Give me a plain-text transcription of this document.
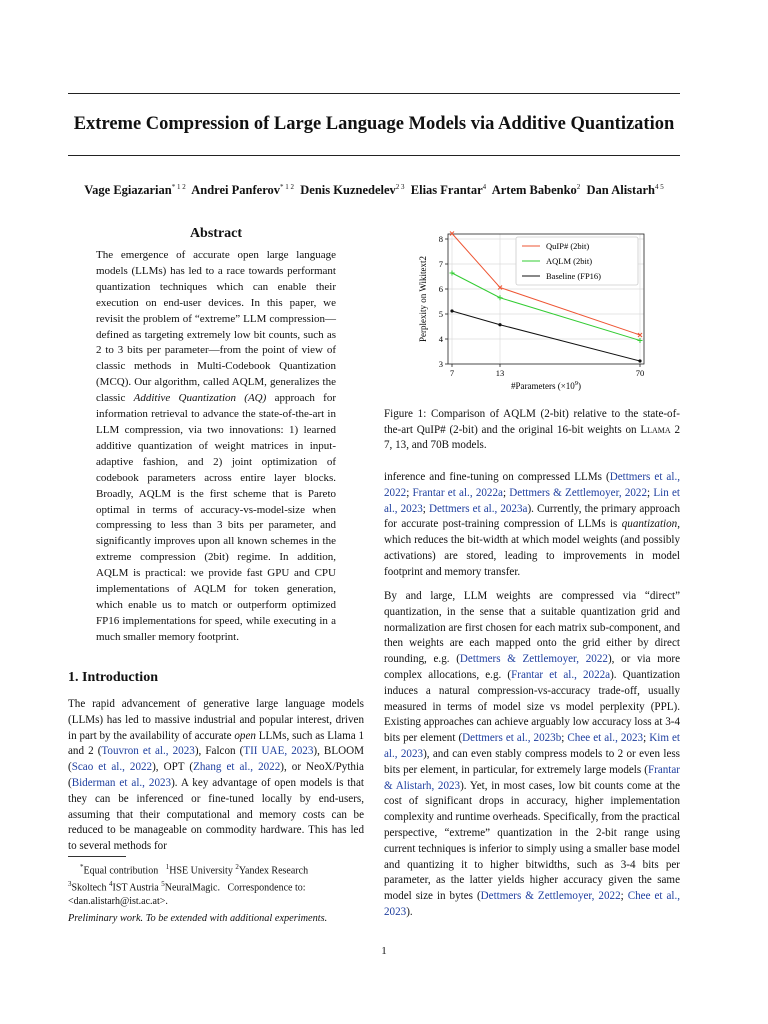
Extreme Compression of Large Language Models via Additive Quantization
Vage Egiazarian$^{* 1 2}$ Andrei Panferov$^{* 1 2}$ Denis Kuznedelev$^{2 3}$ Elias Frantar$^4$ Artem Babenko$^2$ Dan Alistarh$^{4 5}$
Abstract
The emergence of accurate open large language models (LLMs) has led to a race towards performant quantization techniques which can enable their execution on end-user devices. In this paper, we revisit the problem of “extreme” LLM compression—defined as targeting extremely low bit counts, such as 2 to 3 bits per parameter—from the point of view of classic methods in Multi-Codebook Quantization (MCQ). Our algorithm, called AQLM, generalizes the classic Additive Quantization (AQ) approach for information retrieval to advance the state-of-the-art in LLM compression, via two innovations: 1) learned additive quantization of weight matrices in input-adaptive fashion, and 2) joint optimization of codebook parameters across entire layer blocks. Broadly, AQLM is the first scheme that is Pareto optimal in terms of accuracy-vs-model-size when compressing to less than 3 bits per parameter, and significantly improves upon all known schemes in the extreme compression (2bit) regime. In addition, AQLM is practical: we provide fast GPU and CPU implementations of AQLM for token generation, which enable us to match or outperform optimized FP16 implementations for speed, while executing in a much smaller memory footprint.
1. Introduction
The rapid advancement of generative large language models (LLMs) has led to massive industrial and popular interest, driven in part by the availability of accurate open LLMs, such as Llama 1 and 2 (Touvron et al., 2023), Falcon (TII UAE, 2023), BLOOM (Scao et al., 2022), OPT (Zhang et al., 2022), or NeoX/Pythia (Biderman et al., 2023). A key advantage of open models is that they can be inferenced or fine-tuned locally by end-users, assuming that their computational and memory costs can be reduced to be manageable on commodity hardware. This has led to several methods for
*Equal contribution $^1$HSE University $^2$Yandex Research
$^3$Skoltech $^4$IST Austria $^5$NeuralMagic. Correspondence to:
<dan.alistarh@ist.ac.at>.
Preliminary work. To be extended with additional experiments.
1
3
4
5
6
7
8
7	13	70
#Parameters $(\times 10^9)$
Perplexity on Wikitext2
QuIP# (2bit)
AQLM (2bit)
Baseline (FP16)
Figure 1: Comparison of AQLM (2-bit) relative to the state-of-the-art QuIP# (2-bit) and the original 16-bit weights on Llama 2 7, 13, and 70B models.
inference and fine-tuning on compressed LLMs (Dettmers et al., 2022; Frantar et al., 2022a; Dettmers & Zettlemoyer, 2022; Lin et al., 2023; Dettmers et al., 2023a). Currently, the primary approach for accurate post-training compression of LLMs is quantization, which reduces the bit-width at which model weights (and possibly activations) are stored, leading to improvements in model footprint and memory transfer.
By and large, LLM weights are compressed via “direct” quantization, in the sense that a suitable quantization grid and normalization are first chosen for each matrix sub-component, and then weights are each mapped onto the grid either by direct rounding, e.g. (Dettmers & Zettlemoyer, 2022), or via more complex allocations, e.g. (Frantar et al., 2022a). Quantization induces a natural compression-vs-accuracy trade-off, usually measured in terms of model size vs model perplexity (PPL). Existing approaches can achieve arguably low accuracy loss at 3-4 bits per element (Dettmers et al., 2023b; Chee et al., 2023; Kim et al., 2023), and can even stably compress models to 2 or even less bits per element, in particular, for extremely large models (Frantar & Alistarh, 2023). Yet, in most cases, low bit counts come at the cost of significant drops in accuracy, higher implementation complexity and runtime overheads. Specifically, from the practical perspective, “extreme” quantization in the 2-bit range using current techniques is inferior to simply using a smaller base model and quantizing it to higher bitwidths, such as 3-4 bits per parameter, as the latter yields higher accuracy given the same model size in bytes (Dettmers & Zettlemoyer, 2022; Chee et al., 2023).
